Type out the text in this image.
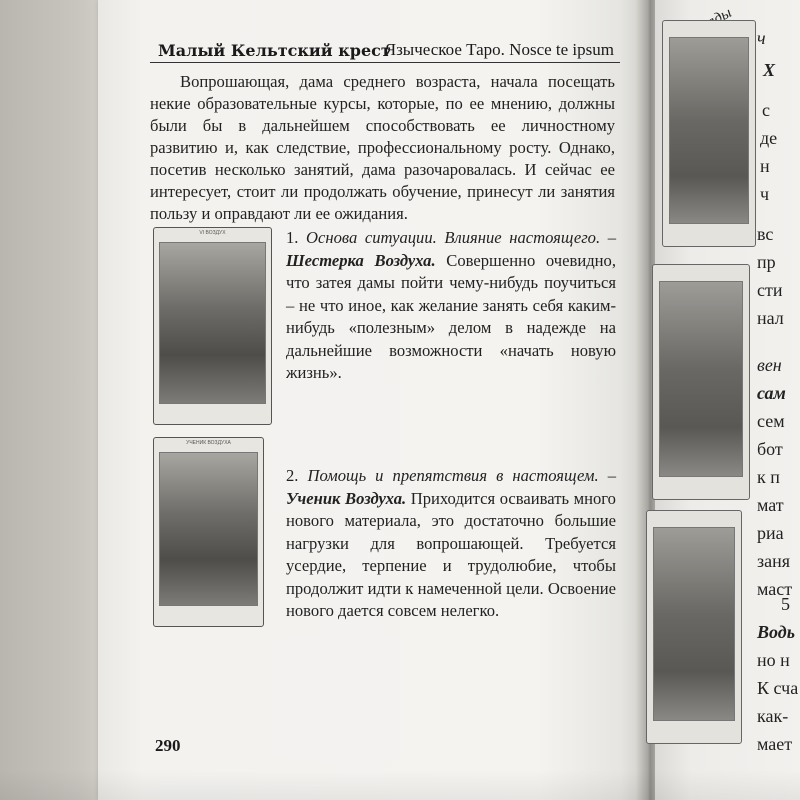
Малый Кельтский крест
Языческое Таро. Nosce te ipsum

Вопрошающая, дама среднего возраста, начала посещать некие образовательные курсы, которые, по ее мнению, должны были бы в дальнейшем способствовать ее личностному развитию и, как следствие, профессиональному росту. Однако, посетив несколько занятий, дама разочаровалась. И сейчас ее интересует, стоит ли продолжать обучение, принесут ли занятия пользу и оправдают ли ее ожидания.

VI ВОЗДУХ	1. Основа ситуации. Влияние настоящего. – Шестерка Воздуха. Совершенно очевидно, что затея дамы пойти чему-нибудь поучиться – не что иное, как желание занять себя каким-нибудь «полезным» делом в надежде на дальнейшие возможности «начать новую жизнь».

УЧЕНИК ВОЗДУХА

2. Помощь и препятствия в настоящем. – Ученик Воздуха. Приходится осваивать много нового материала, это достаточно большие нагрузки для вопрошающей. Требуется усердие, терпение и трудолюбие, чтобы продолжит идти к намеченной цели. Освоение нового дается совсем нелегко.

290
ч
Х
с
де
н
ч
вс
пр
сти
нал
вен
сам
сем
бот
к п
мат
риа
заня
маст
5
Водь
но н
К сча
как-
мает
